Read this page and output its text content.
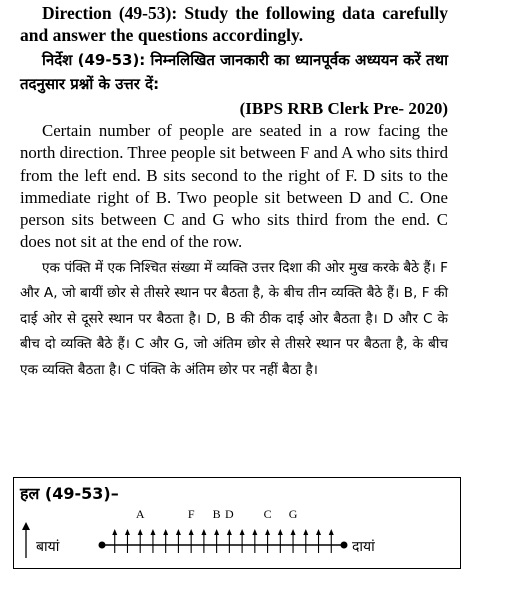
Direction (49-53): Study the following data carefully and answer the questions accordingly.

निर्देश (49-53): निम्नलिखित जानकारी का ध्यानपूर्वक अध्ययन करें तथा तदनुसार प्रश्नों के उत्तर दें:

(IBPS RRB Clerk Pre- 2020)

Certain number of people are seated in a row facing the north direction. Three people sit between F and A who sits third from the left end. B sits second to the right of F. D sits to the immediate right of B. Two people sit between D and C. One person sits between C and G who sits third from the end. C does not sit at the end of the row.

एक पंक्ति में एक निश्चित संख्या में व्यक्ति उत्तर दिशा की ओर मुख करके बैठे हैं। F और A, जो बायीं छोर से तीसरे स्थान पर बैठता है, के बीच तीन व्यक्ति बैठे हैं। B, F की दाई ओर से दूसरे स्थान पर बैठता है। D, B की ठीक दाई ओर बैठता है। D और C के बीच दो व्यक्ति बैठे हैं। C और G, जो अंतिम छोर से तीसरे स्थान पर बैठता है, के बीच एक व्यक्ति बैठता है। C पंक्ति के अंतिम छोर पर नहीं बैठा है।

हल (49-53)–
बायां	दायां
A	F B D C G
